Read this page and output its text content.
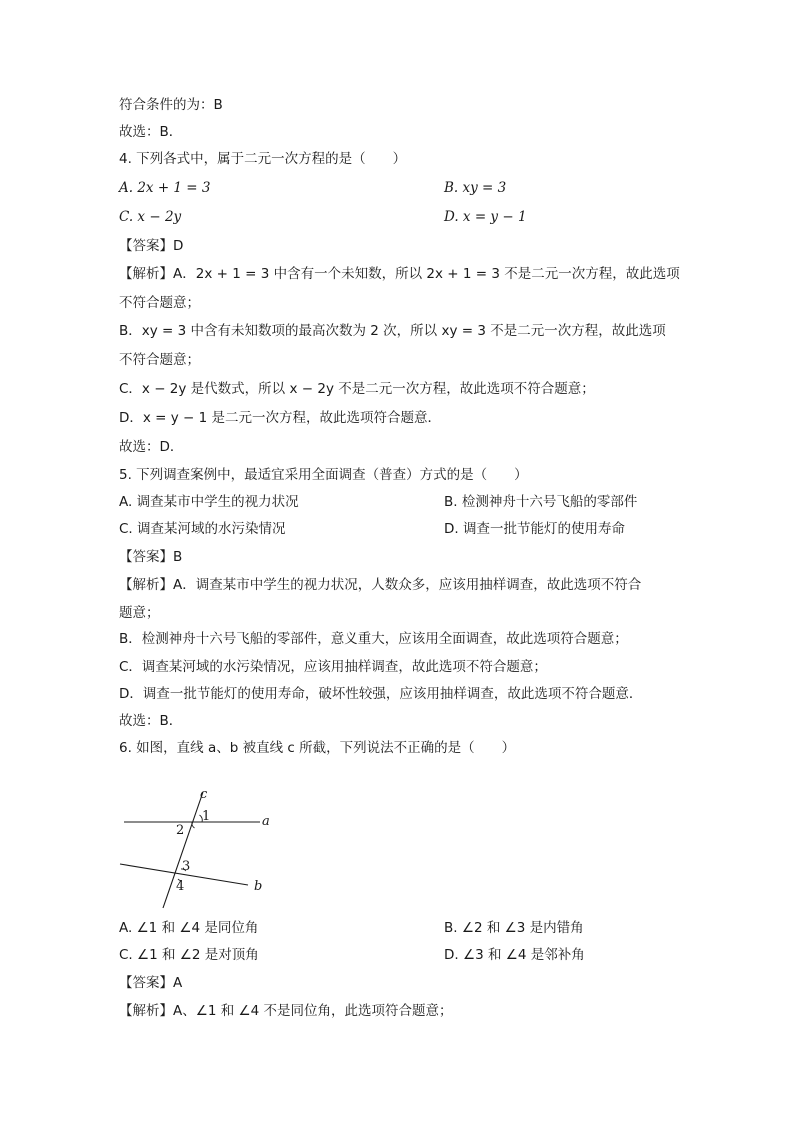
符合条件的为：B
故选：B．
4. 下列各式中，属于二元一次方程的是（　　）
A. 2x + 1 = 3	B. xy = 3
C. x − 2y	D. x = y − 1
【答案】D
【解析】A．2x + 1 = 3 中含有一个未知数，所以 2x + 1 = 3 不是二元一次方程，故此选项
不符合题意；
B．xy = 3 中含有未知数项的最高次数为 2 次，所以 xy = 3 不是二元一次方程，故此选项
不符合题意；
C．x − 2y 是代数式，所以 x − 2y 不是二元一次方程，故此选项不符合题意；
D．x = y − 1 是二元一次方程，故此选项符合题意．
故选：D．
5. 下列调查案例中，最适宜采用全面调查（普查）方式的是（　　）
A. 调查某市中学生的视力状况	B. 检测神舟十六号飞船的零部件
C. 调查某河域的水污染情况	D. 调查一批节能灯的使用寿命
【答案】B
【解析】A．调查某市中学生的视力状况，人数众多，应该用抽样调查，故此选项不符合
题意；
B．检测神舟十六号飞船的零部件，意义重大，应该用全面调查，故此选项符合题意；
C．调查某河域的水污染情况，应该用抽样调查，故此选项不符合题意；
D．调查一批节能灯的使用寿命，破坏性较强，应该用抽样调查，故此选项不符合题意．
故选：B．
6. 如图，直线 a、b 被直线 c 所截，下列说法不正确的是（　　）
c
a
b
1
2
3
4
A. ∠1 和 ∠4 是同位角	B. ∠2 和 ∠3 是内错角
C. ∠1 和 ∠2 是对顶角	D. ∠3 和 ∠4 是邻补角
【答案】A
【解析】A、∠1 和 ∠4 不是同位角，此选项符合题意；
